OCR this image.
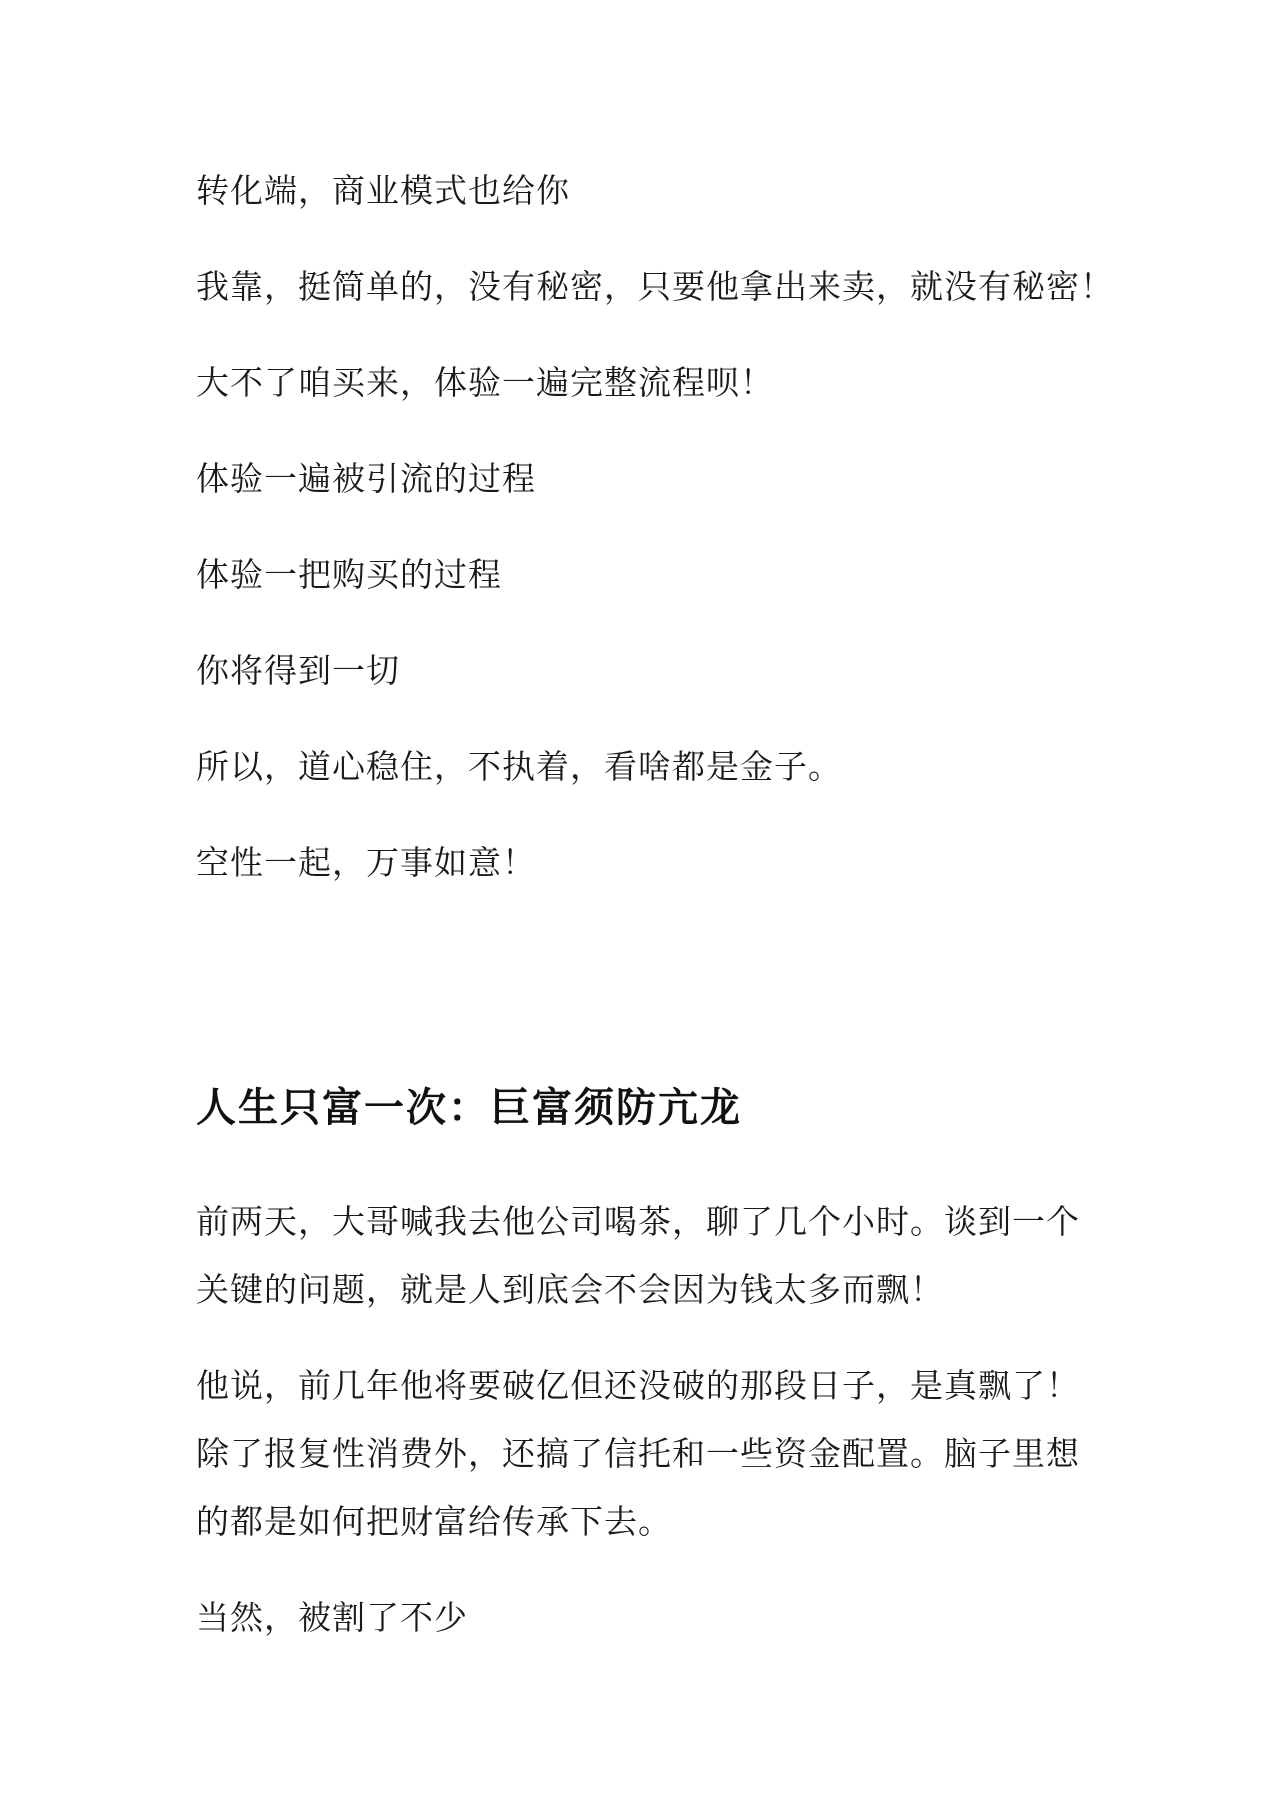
转化端，商业模式也给你
我靠，挺简单的，没有秘密，只要他拿出来卖，就没有秘密！
大不了咱买来，体验一遍完整流程呗！
体验一遍被引流的过程
体验一把购买的过程
你将得到一切
所以，道心稳住，不执着，看啥都是金子。
空性一起，万事如意！
人生只富一次：巨富须防亢龙
前两天，大哥喊我去他公司喝茶，聊了几个小时。谈到一个
关键的问题，就是人到底会不会因为钱太多而飘！
他说，前几年他将要破亿但还没破的那段日子，是真飘了！
除了报复性消费外，还搞了信托和一些资金配置。脑子里想
的都是如何把财富给传承下去。
当然，被割了不少
